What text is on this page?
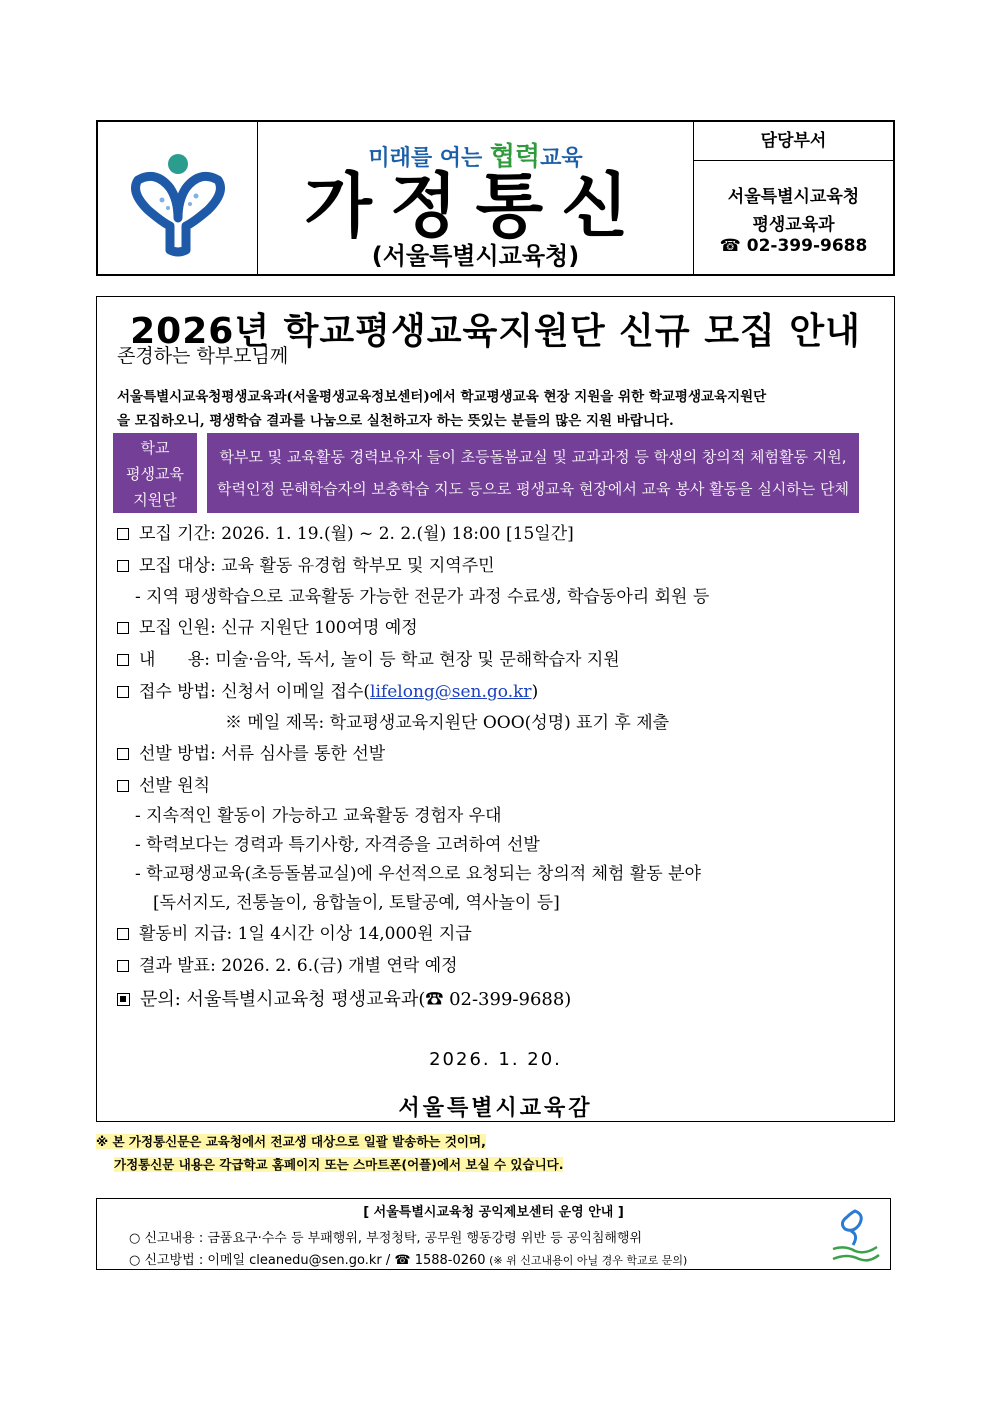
미래를 여는 협력교육
가정통신
(서울특별시교육청)
담당부서
서울특별시교육청
평생교육과
☎ 02-399-9688
2026년 학교평생교육지원단 신규 모집 안내
존경하는 학부모님께
서울특별시교육청평생교육과(서울평생교육정보센터)에서 학교평생교육 현장 지원을 위한 학교평생교육지원단
을 모집하오니, 평생학습 결과를 나눔으로 실천하고자 하는 뜻있는 분들의 많은 지원 바랍니다.
학교
평생교육
지원단
학부모 및 교육활동 경력보유자 들이 초등돌봄교실 및 교과과정 등 학생의 창의적 체험활동 지원,
학력인정 문해학습자의 보충학습 지도 등으로 평생교육 현장에서 교육 봉사 활동을 실시하는 단체
모집 기간: 2026. 1. 19.(월) ~ 2. 2.(월) 18:00 [15일간]
모집 대상: 교육 활동 유경험 학부모 및 지역주민
- 지역 평생학습으로 교육활동 가능한 전문가 과정 수료생, 학습동아리 회원 등
모집 인원: 신규 지원단 100여명 예정
내      용: 미술·음악, 독서, 놀이 등 학교 현장 및 문해학습자 지원
접수 방법: 신청서 이메일 접수(lifelong@sen.go.kr)
※ 메일 제목: 학교평생교육지원단 OOO(성명) 표기 후 제출
선발 방법: 서류 심사를 통한 선발
선발 원칙
- 지속적인 활동이 가능하고 교육활동 경험자 우대
- 학력보다는 경력과 특기사항, 자격증을 고려하여 선발
- 학교평생교육(초등돌봄교실)에 우선적으로 요청되는 창의적 체험 활동 분야
[독서지도, 전통놀이, 융합놀이, 토탈공예, 역사놀이 등]
활동비 지급: 1일 4시간 이상 14,000원 지급
결과 발표: 2026. 2. 6.(금) 개별 연락 예정
문의: 서울특별시교육청 평생교육과(☎ 02-399-9688)
2026. 1. 20.
서울특별시교육감
※ 본 가정통신문은 교육청에서 전교생 대상으로 일괄 발송하는 것이며,
가정통신문 내용은 각급학교 홈페이지 또는 스마트폰(어플)에서 보실 수 있습니다.
[ 서울특별시교육청 공익제보센터 운영 안내 ]
○ 신고내용 : 금품요구·수수 등 부패행위, 부정청탁, 공무원 행동강령 위반 등 공익침해행위
○ 신고방법 : 이메일 cleanedu@sen.go.kr / ☎ 1588-0260 (※ 위 신고내용이 아닐 경우 학교로 문의)
